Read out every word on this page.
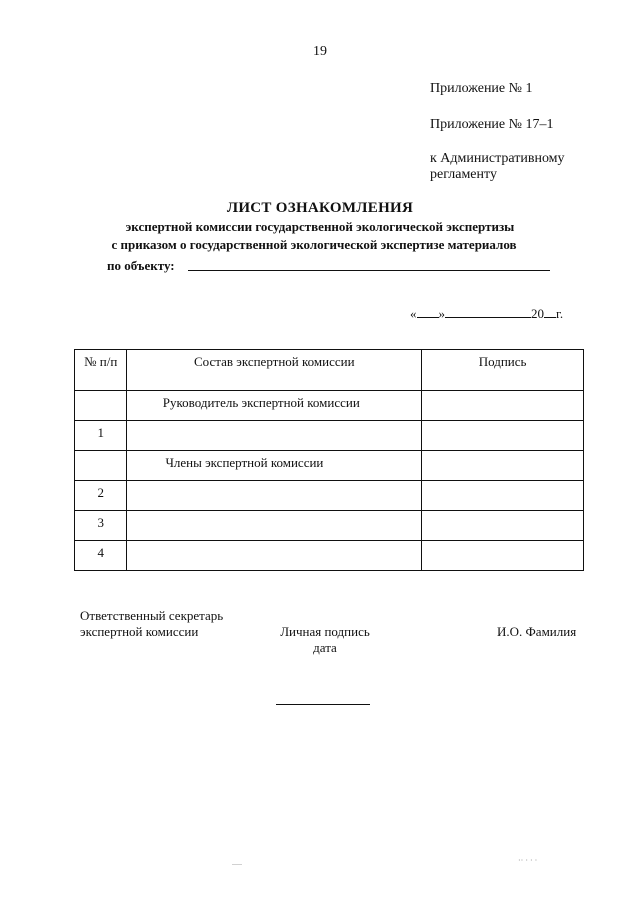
19
Приложение № 1
Приложение № 17–1
к Административному
регламенту
ЛИСТ ОЗНАКОМЛЕНИЯ
экспертной комиссии государственной экологической экспертизы
с приказом о государственной экологической экспертизе материалов
по объекту:
« »	20 г.
№ п/п	Состав экспертной комиссии	Подпись
	Руководитель экспертной комиссии	
1		
	Члены экспертной комиссии	
2		
3		
4		
Ответственный секретарь
экспертной комиссии	Личная подпись
дата
И.О. Фамилия
.....	·· · · ·
